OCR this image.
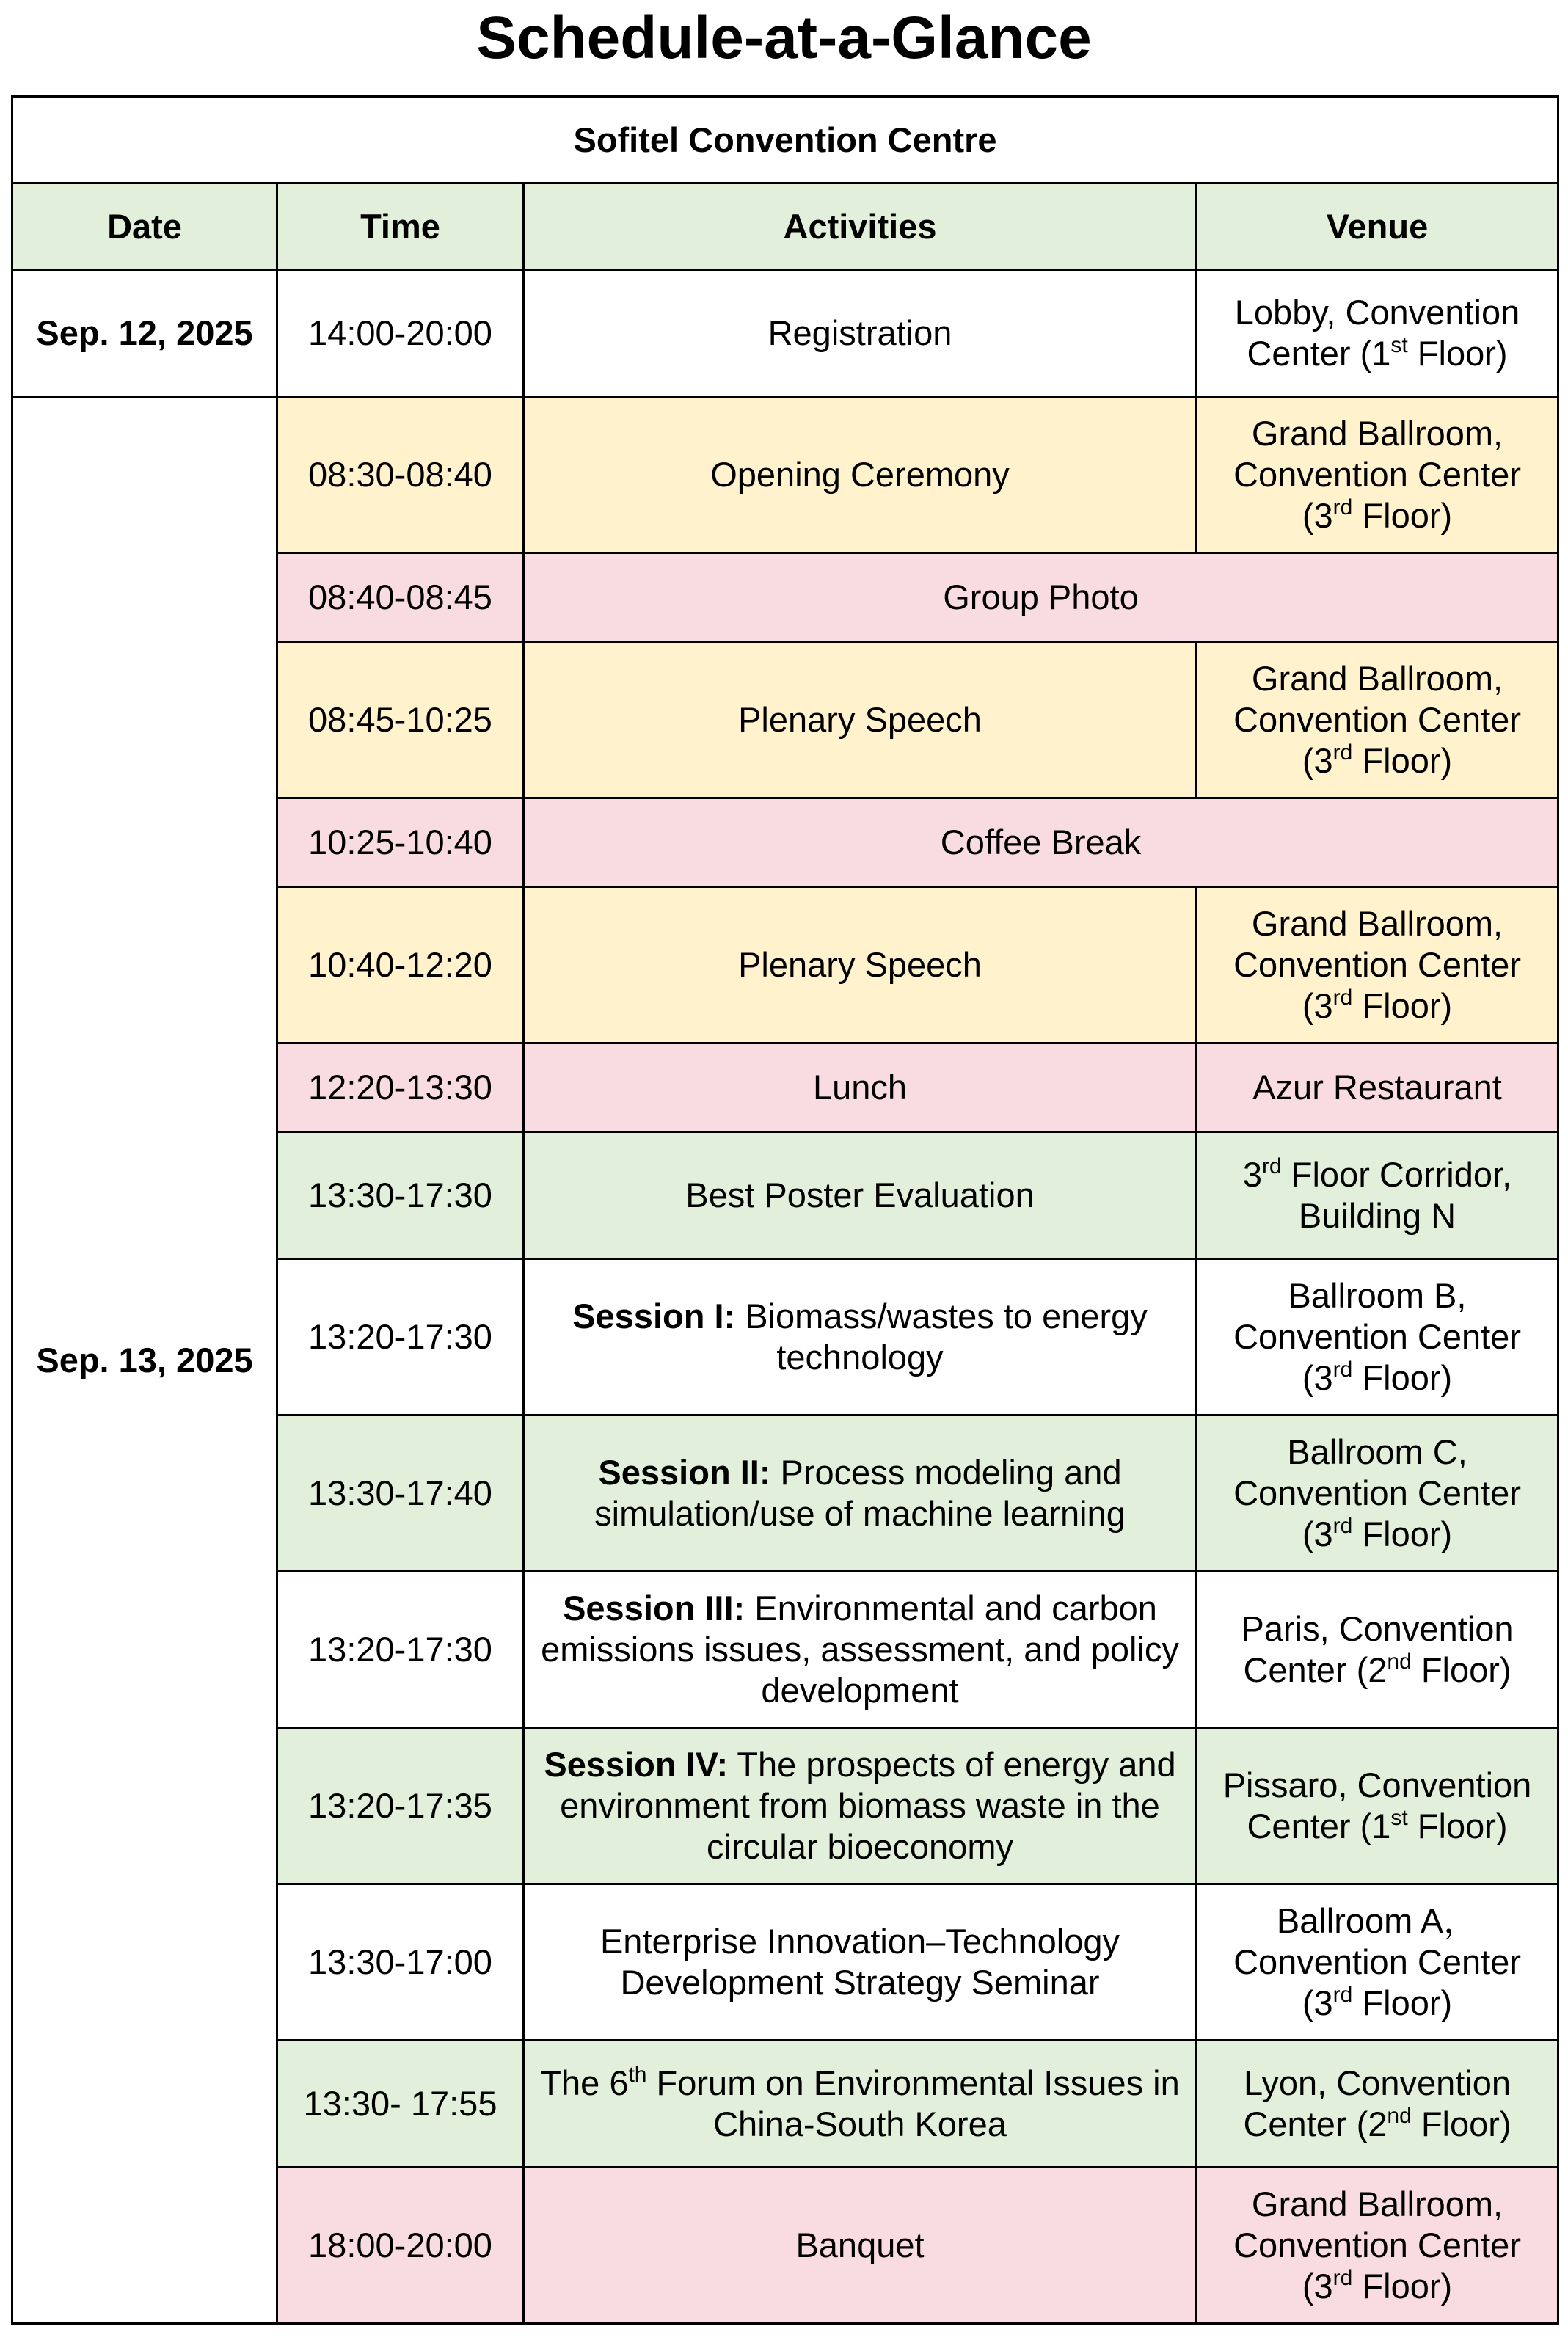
Schedule-at-a-Glance
Sofitel Convention Centre			
Date	Time	Activities	Venue
Sep. 12, 2025	14:00-20:00	Registration	Lobby, Convention Center (1st Floor)
Sep. 13, 2025	08:30-08:40	Opening Ceremony	Grand Ballroom, Convention Center (3rd Floor)
	08:40-08:45	Group Photo	
	08:45-10:25	Plenary Speech	Grand Ballroom, Convention Center (3rd Floor)
	10:25-10:40	Coffee Break	
	10:40-12:20	Plenary Speech	Grand Ballroom, Convention Center (3rd Floor)
	12:20-13:30	Lunch	Azur Restaurant
	13:30-17:30	Best Poster Evaluation	3rd Floor Corridor, Building N
	13:20-17:30	Session I: Biomass/wastes to energy technology	Ballroom B, Convention Center (3rd Floor)
	13:30-17:40	Session II: Process modeling and simulation/use of machine learning	Ballroom C, Convention Center (3rd Floor)
	13:20-17:30	Session III: Environmental and carbon emissions issues, assessment, and policy development	Paris, Convention Center (2nd Floor)
	13:20-17:35	Session IV: The prospects of energy and environment from biomass waste in the circular bioeconomy	Pissaro, Convention Center (1st Floor)
	13:30-17:00	Enterprise Innovation–Technology Development Strategy Seminar	Ballroom A，Convention Center (3rd Floor)
	13:30- 17:55	The 6th Forum on Environmental Issues in China-South Korea	Lyon, Convention Center (2nd Floor)
	18:00-20:00	Banquet	Grand Ballroom, Convention Center (3rd Floor)
